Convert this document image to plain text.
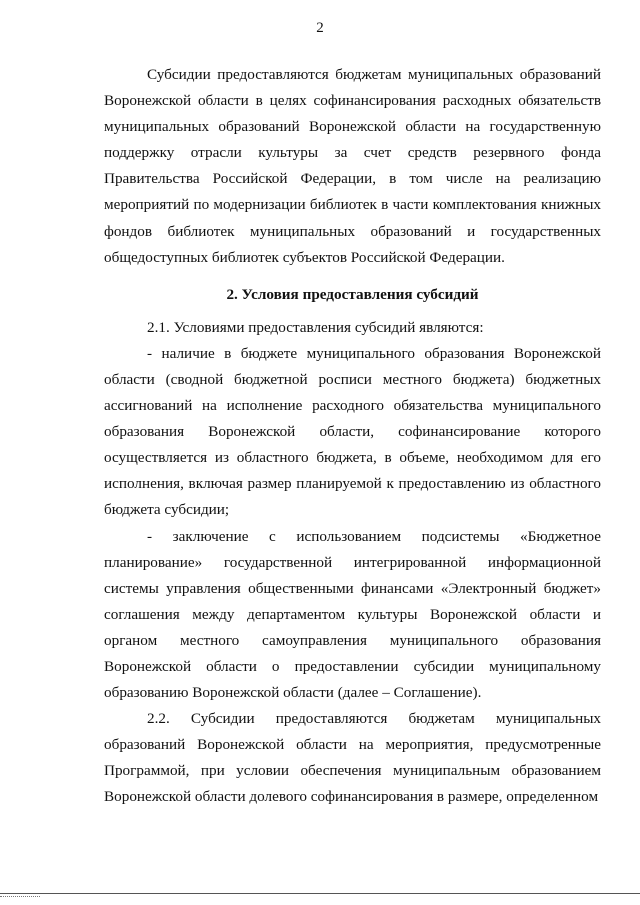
2

Субсидии предоставляются бюджетам муниципальных образований Воронежской области в целях софинансирования расходных обязательств муниципальных образований Воронежской области на государственную поддержку отрасли культуры за счет средств резервного фонда Правительства Российской Федерации, в том числе на реализацию мероприятий по модернизации библиотек в части комплектования книжных фондов библиотек муниципальных образований и государственных общедоступных библиотек субъектов Российской Федерации.

2. Условия предоставления субсидий

2.1. Условиями предоставления субсидий являются:

- наличие в бюджете муниципального образования Воронежской области (сводной бюджетной росписи местного бюджета) бюджетных ассигнований на исполнение расходного обязательства муниципального образования Воронежской области, софинансирование которого осуществляется из областного бюджета, в объеме, необходимом для его исполнения, включая размер планируемой к предоставлению из областного бюджета субсидии;

- заключение с использованием подсистемы «Бюджетное планирование» государственной интегрированной информационной системы управления общественными финансами «Электронный бюджет» соглашения между департаментом культуры Воронежской области и органом местного самоуправления муниципального образования Воронежской области о предоставлении субсидии муниципальному образованию Воронежской области (далее – Соглашение).

2.2. Субсидии предоставляются бюджетам муниципальных образований Воронежской области на мероприятия, предусмотренные Программой, при условии обеспечения муниципальным образованием Воронежской области долевого софинансирования в размере, определенном
